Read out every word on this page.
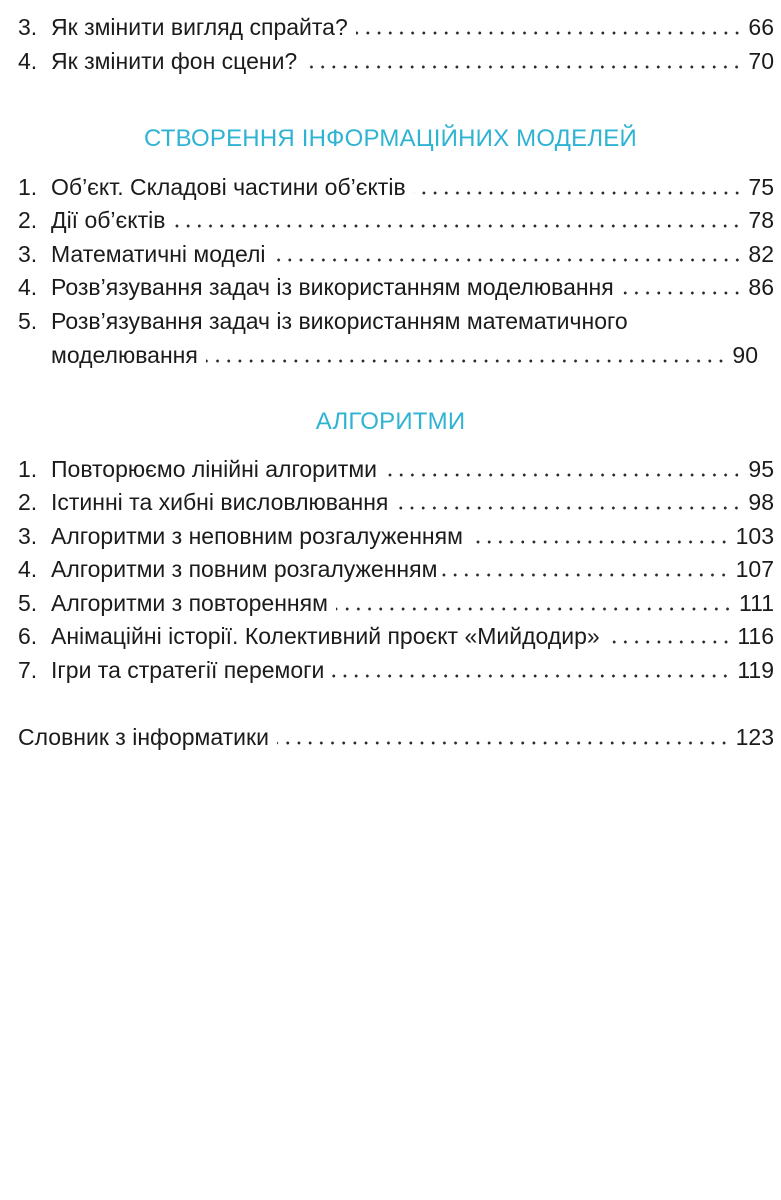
3. Як змінити вигляд спрайта?	66
4. Як змінити фон сцени?	70
СТВОРЕННЯ ІНФОРМАЦІЙНИХ МОДЕЛЕЙ
1. Об’єкт. Складові частини об’єктів	75
2. Дії об’єктів	78
3. Математичні моделі	82
4. Розв’язування задач із використанням моделювання	86
5. Розв’язування задач із використанням математичного
моделювання	90
АЛГОРИТМИ
1. Повторюємо лінійні алгоритми	95
2. Істинні та хибні висловлювання	98
3. Алгоритми з неповним розгалуженням	103
4. Алгоритми з повним розгалуженням	107
5. Алгоритми з повторенням	111
6. Анімаційні історії. Колективний проєкт «Мийдодир»	116
7. Ігри та стратегії перемоги	119
Словник з інформатики	123
